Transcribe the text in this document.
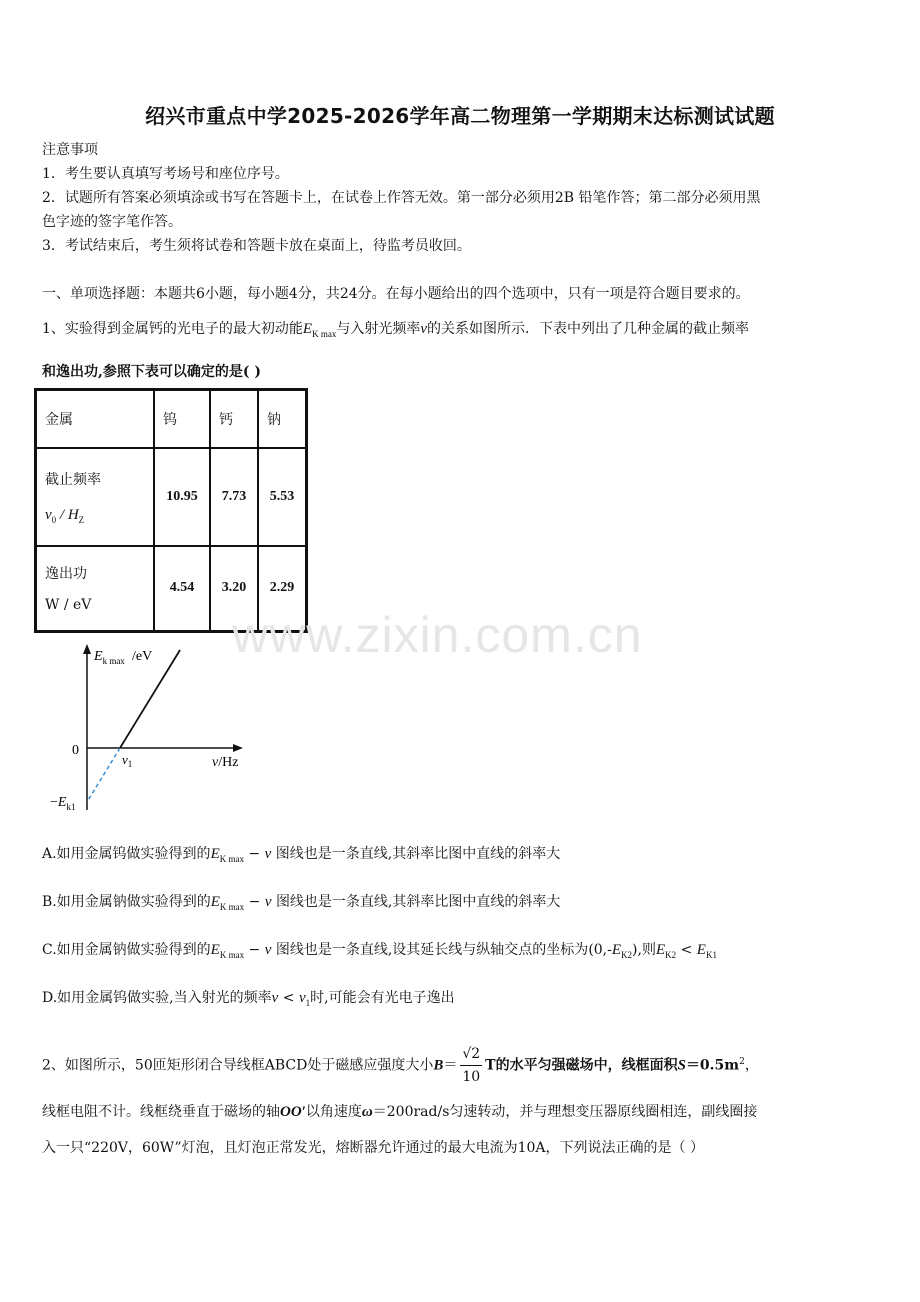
绍兴市重点中学2025-2026学年高二物理第一学期期末达标测试试题
注意事项
1．考生要认真填写考场号和座位序号。
2．试题所有答案必须填涂或书写在答题卡上，在试卷上作答无效。第一部分必须用2B 铅笔作答；第二部分必须用黑
色字迹的签字笔作答。
3．考试结束后，考生须将试卷和答题卡放在桌面上，待监考员收回。
一、单项选择题：本题共6小题，每小题4分，共24分。在每小题给出的四个选项中，只有一项是符合题目要求的。
1、实验得到金属钙的光电子的最大初动能$E_{K max}$与入射光频率ν的关系如图所示．下表中列出了几种金属的截止频率
和逸出功,参照下表可以确定的是( )
金属	钨	钙	钠

截止频率
$\nu_0 / H_Z$	10.95	7.73	5.53

逸出功
W / eV	4.54	3.20	2.29
www.zixin.com.cn
$E_{k max}$ /eV
0
$v_1$	v/Hz
$-E_{k1}$
A.如用金属钨做实验得到的$E_{K max} - \nu$ 图线也是一条直线,其斜率比图中直线的斜率大
B.如用金属钠做实验得到的$E_{K max} - \nu$ 图线也是一条直线,其斜率比图中直线的斜率大
C.如用金属钠做实验得到的$E_{K max} - \nu$ 图线也是一条直线,设其延长线与纵轴交点的坐标为$(0,-E_{K2})$,则$E_{K2} < E_{K1}$
D.如用金属钨做实验,当入射光的频率$\nu < \nu_1$时,可能会有光电子逸出
2、如图所示，50匝矩形闭合导线框ABCD处于磁感应强度大小$B= \frac{√2}{10}$ T的水平匀强磁场中，线框面积$S=0.5m^2$，
线框电阻不计。线框绕垂直于磁场的轴OO′以角速度ω＝200rad/s匀速转动，并与理想变压器原线圈相连，副线圈接
入一只“220V，60W”灯泡，且灯泡正常发光，熔断器允许通过的最大电流为10A，下列说法正确的是（ ）
